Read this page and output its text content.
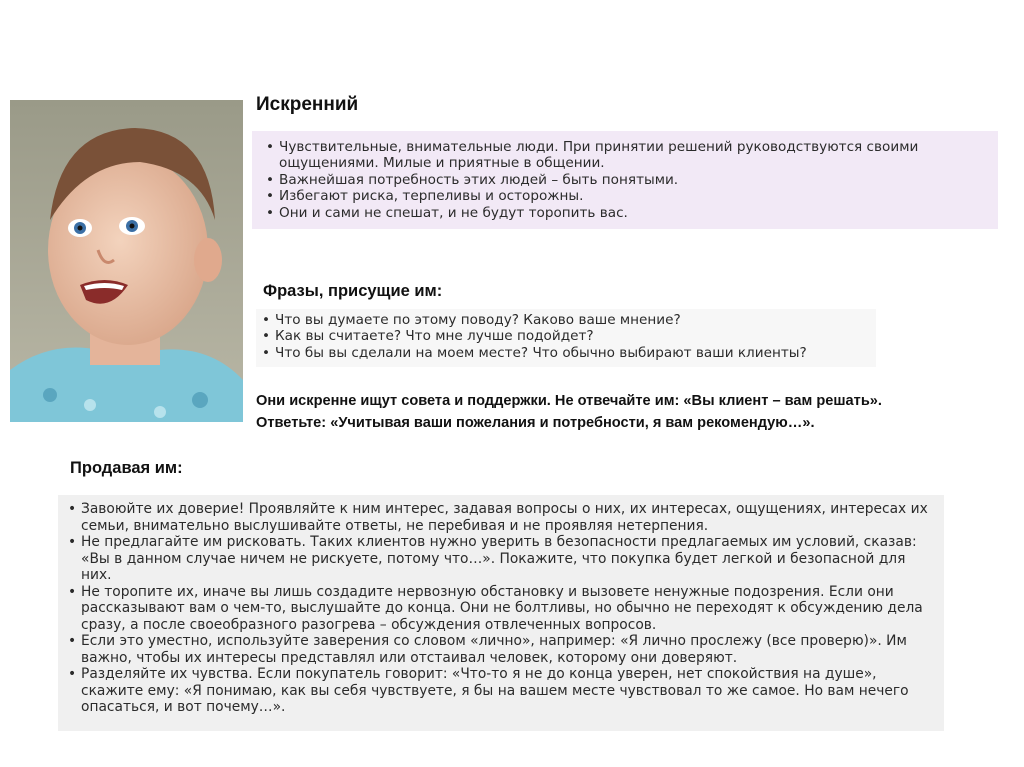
Искренний
• Чувствительные, внимательные люди. При принятии решений руководствуются своими ощущениями. Милые и приятные в общении.
• Важнейшая потребность этих людей – быть понятыми.
• Избегают риска, терпеливы и осторожны.
• Они и сами не спешат, и не будут торопить вас.
Фразы, присущие им:
• Что вы думаете по этому поводу? Каково ваше мнение?
• Как вы считаете? Что мне лучше подойдет?
• Что бы вы сделали на моем месте? Что обычно выбирают ваши клиенты?
Они искренне ищут совета и поддержки. Не отвечайте им: «Вы клиент – вам решать».
Ответьте: «Учитывая ваши пожелания и потребности, я вам рекомендую…».
Продавая им:
• Завоюйте их доверие! Проявляйте к ним интерес, задавая вопросы о них, их интересах, ощущениях, интересах их семьи, внимательно выслушивайте ответы, не перебивая и не проявляя нетерпения.
• Не предлагайте им рисковать. Таких клиентов нужно уверить в безопасности предлагаемых им условий, сказав: «Вы в данном случае ничем не рискуете, потому что…». Покажите, что покупка будет легкой и безопасной для них.
• Не торопите их, иначе вы лишь создадите нервозную обстановку и вызовете ненужные подозрения. Если они рассказывают вам о чем-то, выслушайте до конца. Они не болтливы, но обычно не переходят к обсуждению дела сразу, а после своеобразного разогрева – обсуждения отвлеченных вопросов.
• Если это уместно, используйте заверения со словом «лично», например: «Я лично прослежу (все проверю)». Им важно, чтобы их интересы представлял или отстаивал человек, которому они доверяют.
• Разделяйте их чувства. Если покупатель говорит: «Что-то я не до конца уверен, нет спокойствия на душе», скажите ему: «Я понимаю, как вы себя чувствуете, я бы на вашем месте чувствовал то же самое. Но вам нечего опасаться, и вот почему…».
